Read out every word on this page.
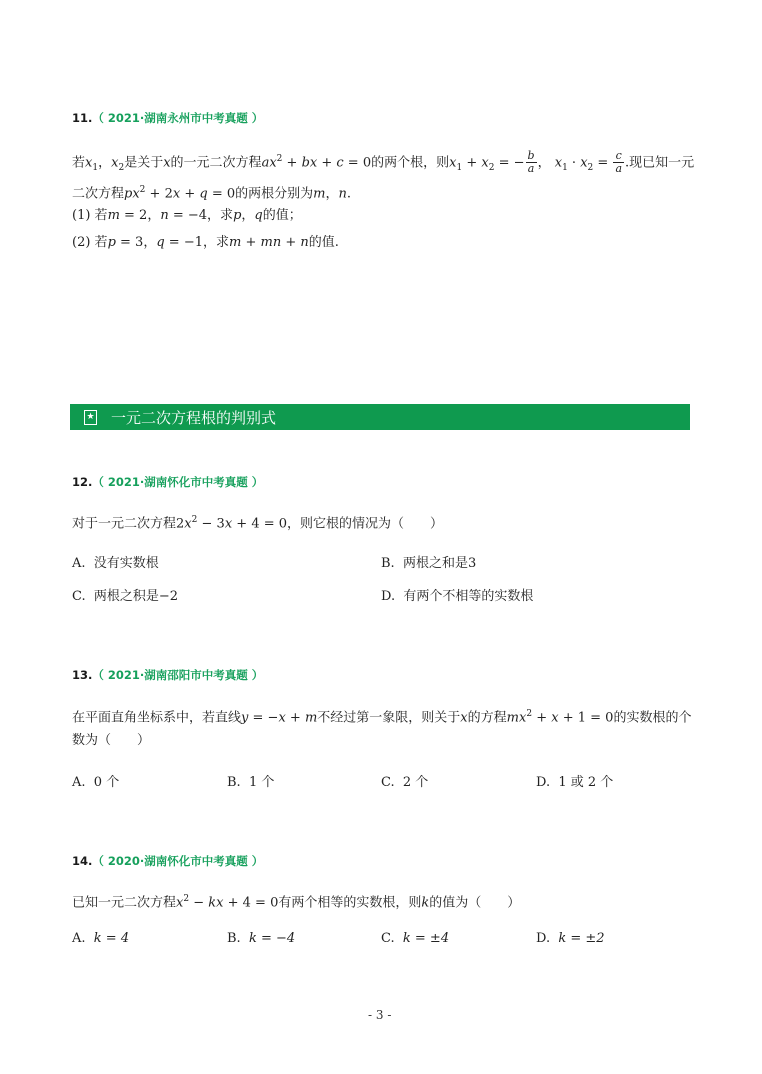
11.（ 2021·湖南永州市中考真题 ）
若$x_1$，$x_2$是关于x的一元二次方程$ax^2$ + bx + c = 0的两个根，则$x_1 + x_2$ = − $\frac{b}{a}$ ， $x_1 \cdot x_2 = \frac{c}{a}$ .现已知一元
二次方程$px^2 + 2x + q = 0$的两根分别为m，n.
(1) 若m = 2，n = −4，求p，q的值；
(2) 若p = 3，q = −1，求m + mn + n的值.
★ 一元二次方程根的判别式
12.（ 2021·湖南怀化市中考真题 ）
对于一元二次方程$2x^2 - 3x + 4 = 0$，则它根的情况为（　　）
A. 没有实数根	B. 两根之和是3
C. 两根之积是−2	D. 有两个不相等的实数根
13.（ 2021·湖南邵阳市中考真题 ）
在平面直角坐标系中，若直线y = −x + m不经过第一象限，则关于x的方程$mx^2 + x + 1 = 0$的实数根的个
数为（　　）
A. 0 个	B. 1 个	C. 2 个	D. 1 或 2 个
14.（ 2020·湖南怀化市中考真题 ）
已知一元二次方程$x^2$ − kx + 4 = 0有两个相等的实数根，则k的值为（　　）
A. k = 4	B. k = −4	C. k = ±4	D. k = ±2
- 3 -
